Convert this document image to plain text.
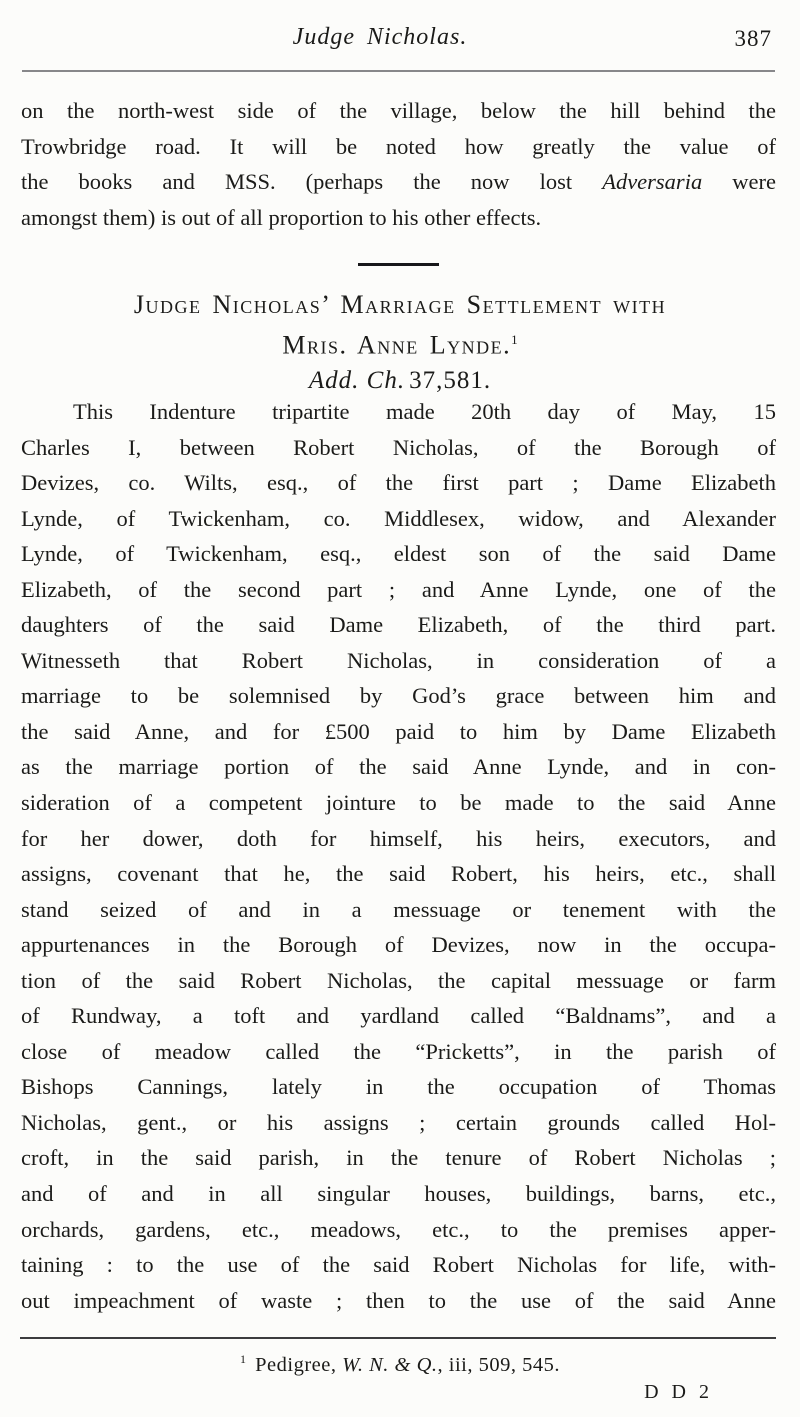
Judge Nicholas.	387
on the north-west side of the village, below the hill behind the
Trowbridge road. It will be noted how greatly the value of
the books and MSS. (perhaps the now lost Adversaria were
amongst them) is out of all proportion to his other effects.
Judge Nicholas’ Marriage Settlement with
Mris. Anne Lynde.$^1$
Add. Ch. 37,581.
This Indenture tripartite made 20th day of May, 15
Charles I, between Robert Nicholas, of the Borough of
Devizes, co. Wilts, esq., of the first part ; Dame Elizabeth
Lynde, of Twickenham, co. Middlesex, widow, and Alexander
Lynde, of Twickenham, esq., eldest son of the said Dame
Elizabeth, of the second part ; and Anne Lynde, one of the
daughters of the said Dame Elizabeth, of the third part.
Witnesseth that Robert Nicholas, in consideration of a
marriage to be solemnised by God’s grace between him and
the said Anne, and for £500 paid to him by Dame Elizabeth
as the marriage portion of the said Anne Lynde, and in con-
sideration of a competent jointure to be made to the said Anne
for her dower, doth for himself, his heirs, executors, and
assigns, covenant that he, the said Robert, his heirs, etc., shall
stand seized of and in a messuage or tenement with the
appurtenances in the Borough of Devizes, now in the occupa-
tion of the said Robert Nicholas, the capital messuage or farm
of Rundway, a toft and yardland called “Baldnams”, and a
close of meadow called the “Pricketts”, in the parish of
Bishops Cannings, lately in the occupation of Thomas
Nicholas, gent., or his assigns ; certain grounds called Hol-
croft, in the said parish, in the tenure of Robert Nicholas ;
and of and in all singular houses, buildings, barns, etc.,
orchards, gardens, etc., meadows, etc., to the premises apper-
taining : to the use of the said Robert Nicholas for life, with-
out impeachment of waste ; then to the use of the said Anne
$^1$ Pedigree, W. N. & Q., iii, 509, 545.
D D 2
